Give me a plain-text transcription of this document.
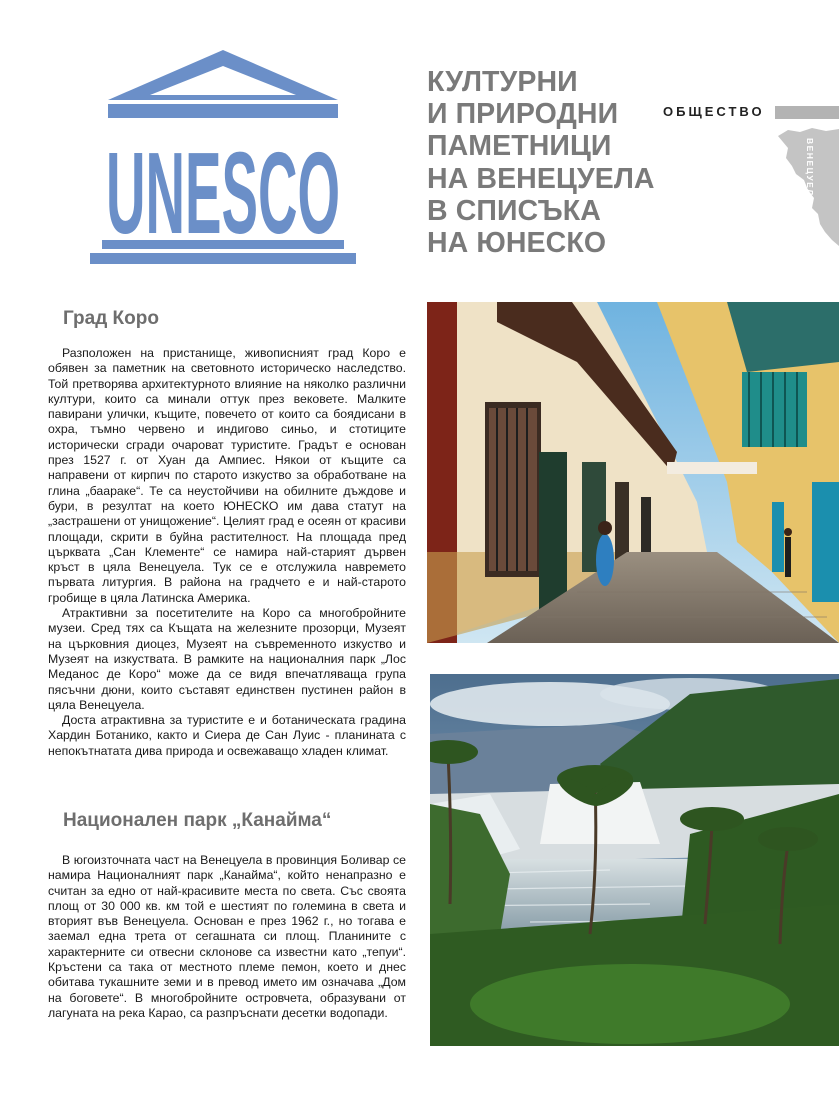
UNESCO
КУЛТУРНИ
И ПРИРОДНИ
ПАМЕТНИЦИ
НА ВЕНЕЦУЕЛА
В СПИСЪКА
НА ЮНЕСКО
ОБЩЕСТВО
ВЕНЕЦУЕЛА
Град Коро

Разположен на пристанище, живописният град Коро е обявен за паметник на световното историческо наследство. Той претворява архитектурното влияние на няколко различни култури, които са минали оттук през вековете. Малките павирани улички, къщите, повечето от които са боядисани в охра, тъмно червено и индигово синьо, и стотиците исторически сгради очароват туристите. Градът е основан през 1527 г. от Хуан да Ампиес. Някои от къщите са направени от кирпич по старото изкуство за обработване на глина „баараке“. Те са неустойчиви на обилните дъждове и бури, в резултат на което ЮНЕСКО им дава статут на „застрашени от унищожение“. Целият град е осеян от красиви площади, скрити в буйна растителност. На площада пред църквата „Сан Клементе“ се намира най-старият дървен кръст в цяла Венецуела. Тук се е отслужила навремето първата литургия. В района на градчето е и най-старото гробище в цяла Латинска Америка.

Атрактивни за посетителите на Коро са многобройните музеи. Сред тях са Къщата на железните прозорци, Музеят на църковния диоцез, Музеят на съвременното изкуство и Музеят на изкуствата. В рамките на националния парк „Лос Меданос де Коро“ може да се видя впечатляваща група пясъчни дюни, които съставят единствен пустинен район в цяла Венецуела.

Доста атрактивна за туристите е и ботаническата градина Хардин Ботанико, както и Сиера де Сан Луис - планината с непокътнатата дива природа и освежаващо хладен климат.

Национален парк „Канайма“

В югоизточната част на Венецуела в провинция Боливар се намира Националният парк „Канайма“, който ненапразно е считан за едно от най-красивите места по света. Със своята площ от 30 000 кв. км той е шестият по големина в света и вторият във Венецуела. Основан е през 1962 г., но тогава е заемал една трета от сегашната си площ. Планините с характерните си отвесни склонове са известни като „тепуи“. Кръстени са така от местното племе пемон, което и днес обитава тукашните земи и в превод името им означава „Дом на боговете“. В многобройните островчета, образувани от лагуната на река Карао, са разпръснати десетки водопади.
